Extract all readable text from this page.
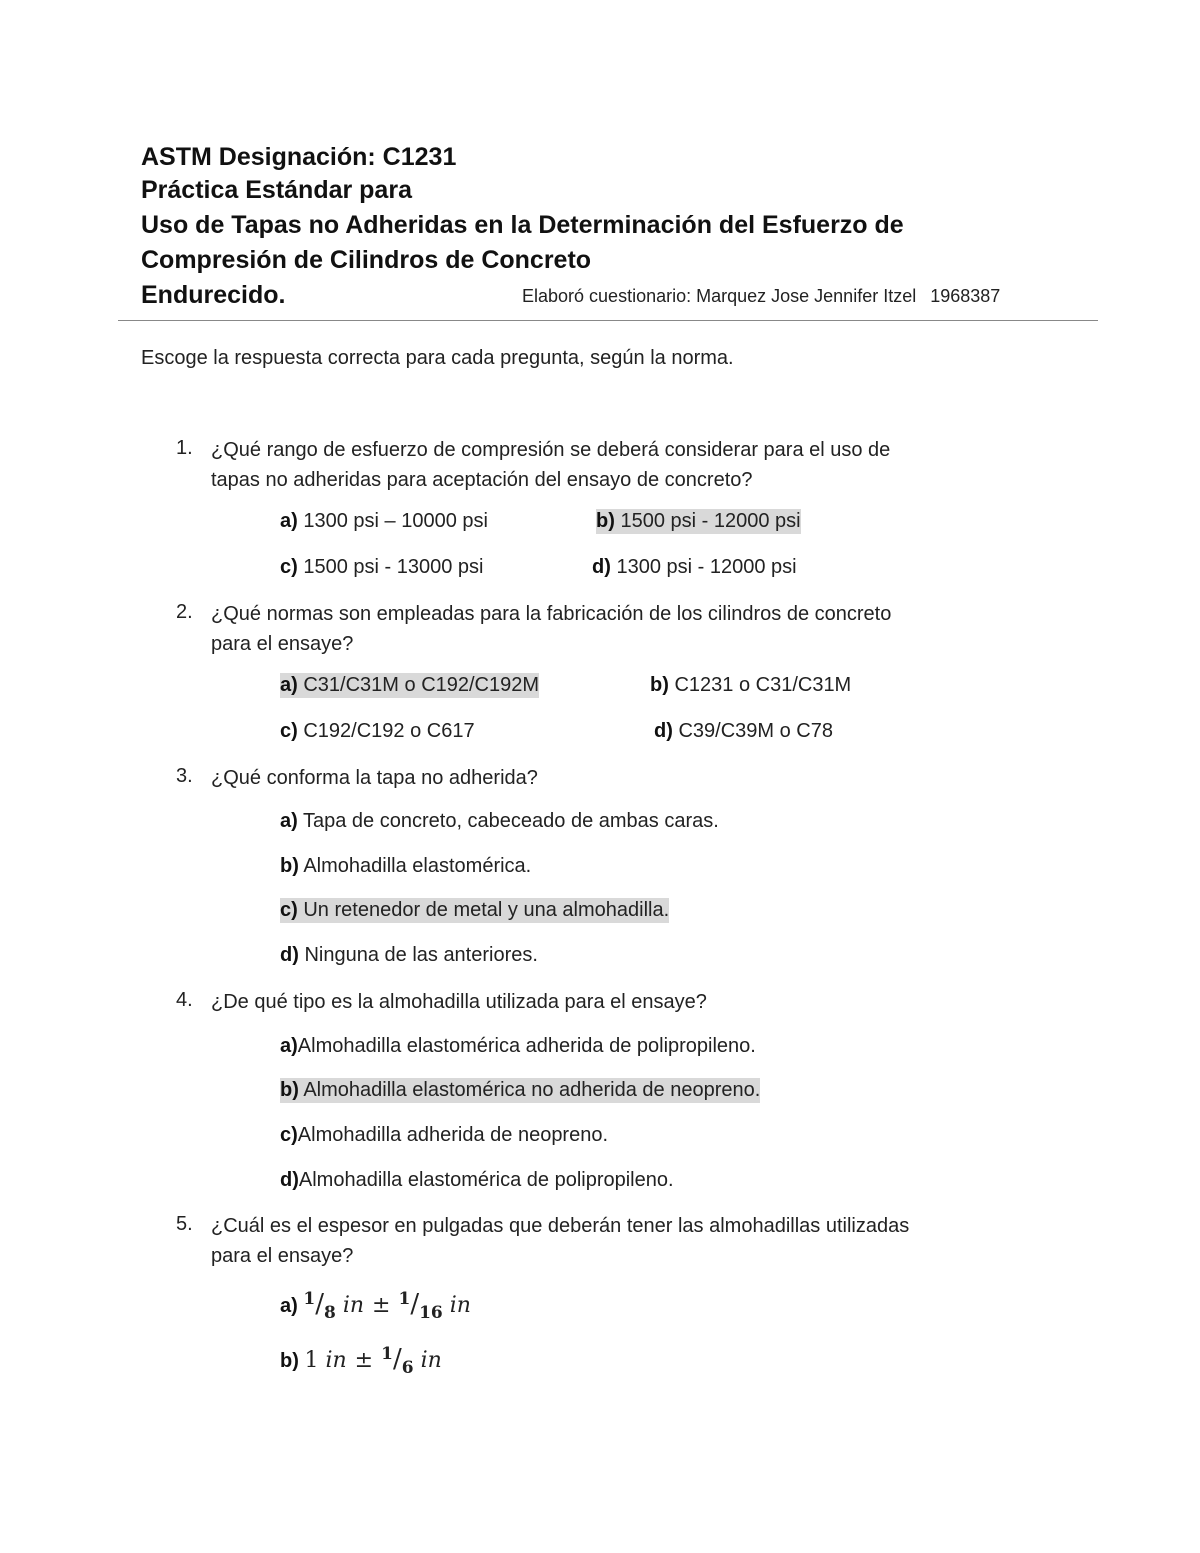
ASTM Designación: C1231
Práctica Estándar para
Uso de Tapas no Adheridas en la Determinación del Esfuerzo de
Compresión de Cilindros de Concreto
Endurecido.	Elaboró cuestionario: Marquez Jose Jennifer Itzel 1968387
Escoge la respuesta correcta para cada pregunta, según la norma.
1. ¿Qué rango de esfuerzo de compresión se deberá considerar para el uso de
tapas no adheridas para aceptación del ensayo de concreto?
a) 1300 psi – 10000 psi	b) 1500 psi - 12000 psi
c) 1500 psi - 13000 psi	d) 1300 psi - 12000 psi
2. ¿Qué normas son empleadas para la fabricación de los cilindros de concreto
para el ensaye?
a) C31/C31M o C192/C192M	b) C1231 o C31/C31M
c) C192/C192 o C617	d) C39/C39M o C78
3. ¿Qué conforma la tapa no adherida?
a) Tapa de concreto, cabeceado de ambas caras.
b) Almohadilla elastomérica.
c) Un retenedor de metal y una almohadilla.
d) Ninguna de las anteriores.
4. ¿De qué tipo es la almohadilla utilizada para el ensaye?
a)Almohadilla elastomérica adherida de polipropileno.
b) Almohadilla elastomérica no adherida de neopreno.
c)Almohadilla adherida de neopreno.
d)Almohadilla elastomérica de polipropileno.
5. ¿Cuál es el espesor en pulgadas que deberán tener las almohadillas utilizadas
para el ensaye?
a) $^1/_8$ in ± $^1/_{16}$ in
b) 1 in ± $^1/_6$ in
